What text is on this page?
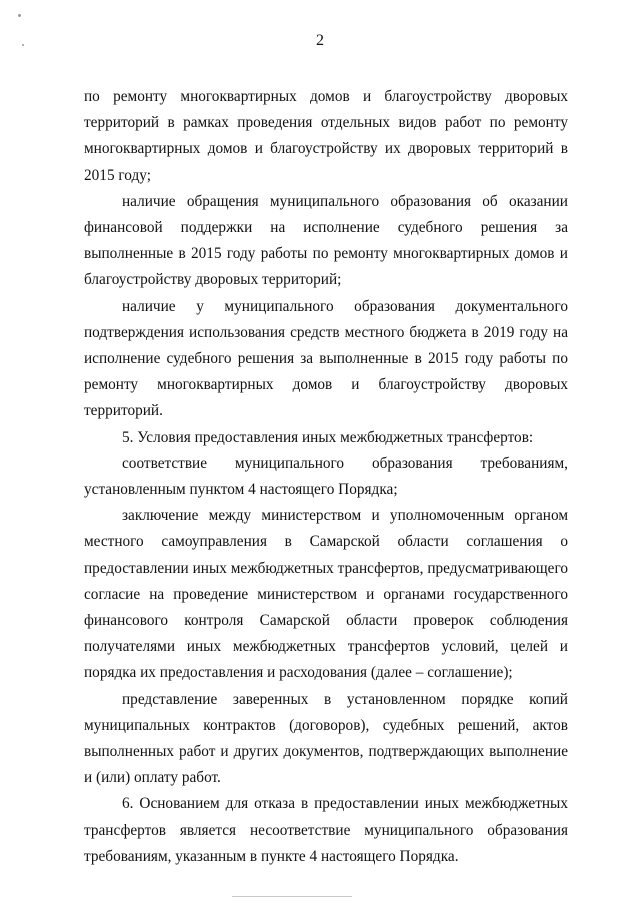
2

по ремонту многоквартирных домов и благоустройству дворовых территорий в рамках проведения отдельных видов работ по ремонту многоквартирных домов и благоустройству их дворовых территорий в 2015 году;

наличие обращения муниципального образования об оказании финансовой поддержки на исполнение судебного решения за выполненные в 2015 году работы по ремонту многоквартирных домов и благоустройству дворовых территорий;

наличие у муниципального образования документального подтверждения использования средств местного бюджета в 2019 году на исполнение судебного решения за выполненные в 2015 году работы по ремонту многоквартирных домов и благоустройству дворовых территорий.

5. Условия предоставления иных межбюджетных трансфертов:

соответствие муниципального образования требованиям, установленным пунктом 4 настоящего Порядка;

заключение между министерством и уполномоченным органом местного самоуправления в Самарской области соглашения о предоставлении иных межбюджетных трансфертов, предусматривающего согласие на проведение министерством и органами государственного финансового контроля Самарской области проверок соблюдения получателями иных межбюджетных трансфертов условий, целей и порядка их предоставления и расходования (далее – соглашение);

представление заверенных в установленном порядке копий муниципальных контрактов (договоров), судебных решений, актов выполненных работ и других документов, подтверждающих выполнение и (или) оплату работ.

6. Основанием для отказа в предоставлении иных межбюджетных трансфертов является несоответствие муниципального образования требованиям, указанным в пункте 4 настоящего Порядка.
